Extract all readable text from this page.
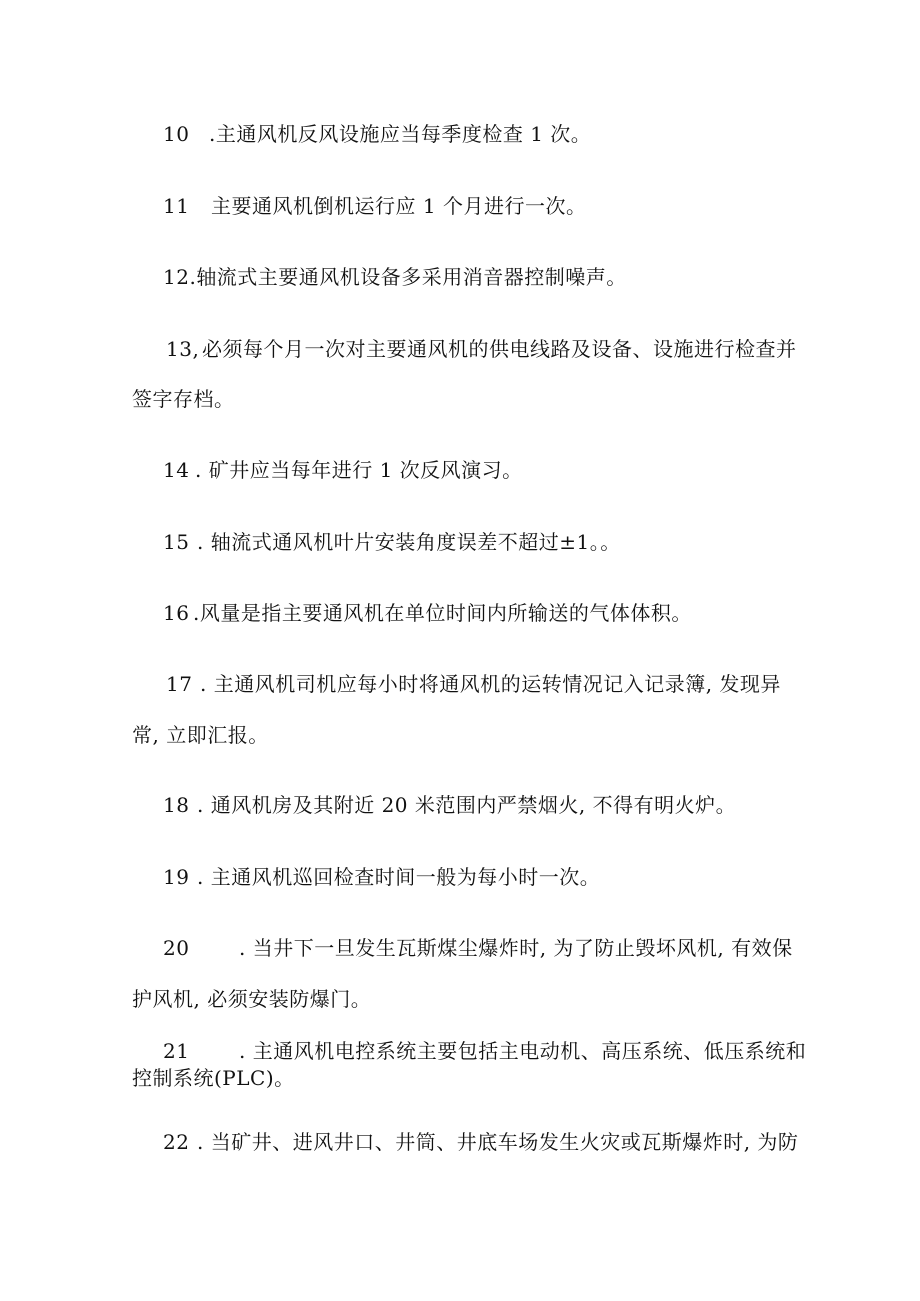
10 .主通风机反风设施应当每季度检查 1 次。
11 主要通风机倒机运行应 1 个月进行一次。
12.轴流式主要通风机设备多采用消音器控制噪声。
13, 必须每个月一次对主要通风机的供电线路及设备、设施进行检查并
签字存档。
14 . 矿井应当每年进行 1 次反风演习。
15 . 轴流式通风机叶片安装角度误差不超过±1。。
16 .风量是指主要通风机在单位时间内所输送的气体体积。
17 . 主通风机司机应每小时将通风机的运转情况记入记录簿, 发现异
常, 立即汇报。
18 . 通风机房及其附近 20 米范围内严禁烟火, 不得有明火炉。
19 . 主通风机巡回检查时间一般为每小时一次。
20 . 当井下一旦发生瓦斯煤尘爆炸时, 为了防止毁坏风机, 有效保
护风机, 必须安装防爆门。
21 . 主通风机电控系统主要包括主电动机、高压系统、低压系统和
控制系统(PLC)。
22 . 当矿井、进风井口、井筒、井底车场发生火灾或瓦斯爆炸时, 为防
